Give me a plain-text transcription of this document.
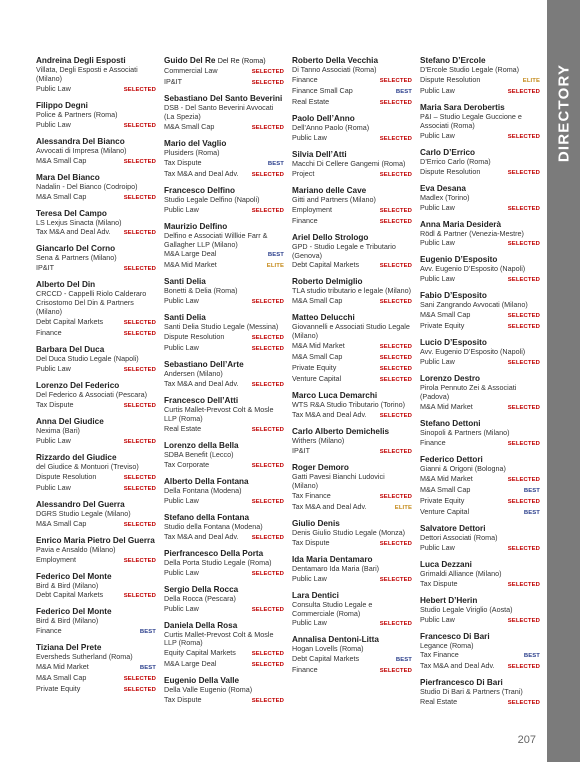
DIRECTORY
Andreina Degli Esposti
Villata, Degli Esposti e Associati (Milano)
Public Law	SELECTED
Filippo Degni
Police & Partners (Roma)
Public Law	SELECTED
Alessandra Del Bianco
Avvocati di Impresa (Milano)
M&A Small Cap	SELECTED
Mara Del Bianco
Nadalin - Del Bianco (Codroipo)
M&A Small Cap	SELECTED
Teresa Del Campo
LS Lexjus Sinacta (Milano)
Tax M&A and Deal Adv. SELECTED
Giancarlo Del Corno
Sena & Partners (Milano)
IP&IT	SELECTED
Alberto Del Din
CRCCD - Cappelli Riolo Calderaro Crisostomo Del Din & Partners (Milano)
Debt Capital Markets	SELECTED
Finance	SELECTED
Barbara Del Duca
Del Duca Studio Legale (Napoli)
Public Law	SELECTED
Lorenzo Del Federico
Del Federico & Associati (Pescara)
Tax Dispute	SELECTED
Anna Del Giudice
Nexima (Bari)
Public Law	SELECTED
Rizzardo del Giudice
del Giudice & Montuori (Treviso)
Dispute Resolution	SELECTED
Public Law	SELECTED
Alessandro Del Guerra
DGRS Studio Legale (Milano)
M&A Small Cap	SELECTED
Enrico Maria Pietro Del Guerra
Pavia e Ansaldo (Milano)
Employment	SELECTED
Federico Del Monte
Bird & Bird (Milano)
Debt Capital Markets	SELECTED
Federico Del Monte
Bird & Bird (Milano)
Finance	BEST
Tiziana Del Prete
Eversheds Sutherland (Roma)
M&A Mid Market	BEST
M&A Small Cap	SELECTED
Private Equity	SELECTED
Guido Del Re Del Re (Roma)
Commercial Law	SELECTED
IP&IT	SELECTED
Sebastiano Del Santo Beverini
DSB - Del Santo Beverini Avvocati (La Spezia)
M&A Small Cap	SELECTED
Mario del Vaglio
Plusiders (Roma)
Tax Dispute	BEST
Tax M&A and Deal Adv. SELECTED
Francesco Delfino
Studio Legale Delfino (Napoli)
Public Law	SELECTED
Maurizio Delfino
Delfino e Associati Willkie Farr & Gallagher LLP (Milano)
M&A Large Deal	BEST
M&A Mid Market	ELITE
Santi Delia
Bonetti & Delia (Roma)
Public Law	SELECTED
Santi Delia
Santi Delia Studio Legale (Messina)
Dispute Resolution	SELECTED
Public Law	SELECTED
Sebastiano Dell’Arte
Andersen (Milano)
Tax M&A and Deal Adv. SELECTED
Francesco Dell’Atti
Curtis Mallet-Prevost Colt & Mosle LLP (Roma)
Real Estate	SELECTED
Lorenzo della Bella
SDBA Benefit (Lecco)
Tax Corporate	SELECTED
Alberto Della Fontana
Della Fontana (Modena)
Public Law	SELECTED
Stefano della Fontana
Studio della Fontana (Modena)
Tax M&A and Deal Adv. SELECTED
Pierfrancesco Della Porta
Della Porta Studio Legale (Roma)
Public Law	SELECTED
Sergio Della Rocca
Della Rocca (Pescara)
Public Law	SELECTED
Daniela Della Rosa
Curtis Mallet-Prevost Colt & Mosle LLP (Roma)
Equity Capital Markets	SELECTED
M&A Large Deal	SELECTED
Eugenio Della Valle
Della Valle Eugenio (Roma)
Tax Dispute	SELECTED
Roberto Della Vecchia
Di Tanno Associati (Roma)
Finance	SELECTED
Finance Small Cap	BEST
Real Estate	SELECTED
Paolo Dell’Anno
Dell’Anno Paolo (Roma)
Public Law	SELECTED
Silvia Dell’Atti
Macchi Di Cellere Gangemi (Roma)
Project	SELECTED
Mariano delle Cave
Gitti and Partners (Milano)
Employment	SELECTED
Finance	SELECTED
Ariel Dello Strologo
GPD - Studio Legale e Tributario (Genova)
Debt Capital Markets	SELECTED
Roberto Delmiglio
TLA studio tributario e legale (Milano)
M&A Small Cap	SELECTED
Matteo Delucchi
Giovannelli e Associati Studio Legale (Milano)
M&A Mid Market	SELECTED
M&A Small Cap	SELECTED
Private Equity	SELECTED
Venture Capital	SELECTED
Marco Luca Demarchi
WTS R&A Studio Tributario (Torino)
Tax M&A and Deal Adv. SELECTED
Carlo Alberto Demichelis
Withers (Milano)
IP&IT	SELECTED
Roger Demoro
Gatti Pavesi Bianchi Ludovici (Milano)
Tax Finance	SELECTED
Tax M&A and Deal Adv.	ELITE
Giulio Denis
Denis Giulio Studio Legale (Monza)
Tax Dispute	SELECTED
Ida Maria Dentamaro
Dentamaro Ida Maria (Bari)
Public Law	SELECTED
Lara Dentici
Consulta Studio Legale e Commerciale (Roma)
Public Law	SELECTED
Annalisa Dentoni-Litta
Hogan Lovells (Roma)
Debt Capital Markets	BEST
Finance	SELECTED
Stefano D’Ercole
D’Ercole Studio Legale (Roma)
Dispute Resolution	ELITE
Public Law	SELECTED
Maria Sara Derobertis
P&I – Studio Legale Guccione e Associati (Roma)
Public Law	SELECTED
Carlo D’Errico
D’Errico Carlo (Roma)
Dispute Resolution	SELECTED
Eva Desana
Madlex (Torino)
Public Law	SELECTED
Anna Maria Desiderà
Rödl & Partner (Venezia-Mestre)
Public Law	SELECTED
Eugenio D’Esposito
Avv. Eugenio D’Esposito (Napoli)
Public Law	SELECTED
Fabio D’Esposito
Sani Zangrando Avvocati (Milano)
M&A Small Cap	SELECTED
Private Equity	SELECTED
Lucio D’Esposito
Avv. Eugenio D’Esposito (Napoli)
Public Law	SELECTED
Lorenzo Destro
Pirola Pennuto Zei & Associati (Padova)
M&A Mid Market	SELECTED
Stefano Dettoni
Sinopoli & Partners (Milano)
Finance	SELECTED
Federico Dettori
Gianni & Origoni (Bologna)
M&A Mid Market	SELECTED
M&A Small Cap	BEST
Private Equity	SELECTED
Venture Capital	BEST
Salvatore Dettori
Dettori Associati (Roma)
Public Law	SELECTED
Luca Dezzani
Grimaldi Alliance (Milano)
Tax Dispute	SELECTED
Hebert D’Herin
Studio Legale Viriglio (Aosta)
Public Law	SELECTED
Francesco Di Bari
Legance (Roma)
Tax Finance	BEST
Tax M&A and Deal Adv. SELECTED
Pierfrancesco Di Bari
Studio Di Bari & Partners (Trani)
Real Estate	SELECTED
207
